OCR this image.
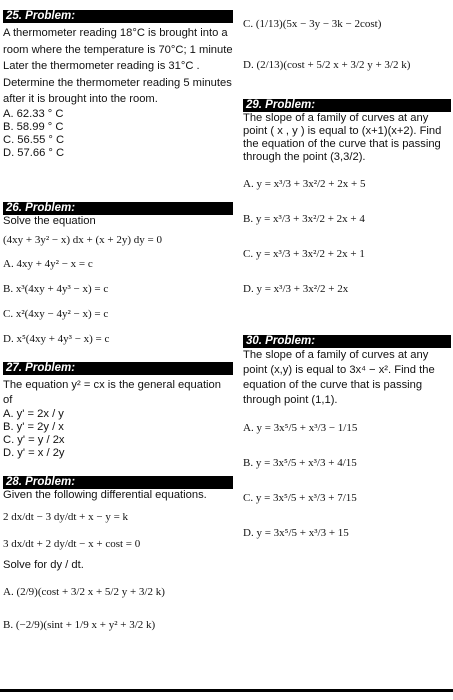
25. Problem:
A thermometer reading 18°C is brought into a room where the temperature is 70°C; 1 minute Later the thermometer reading is 31°C . Determine the thermometer reading 5 minutes after it is brought into the room.
A. 62.33 ° C
B. 58.99 ° C
C. 56.55 ° C
D. 57.66 ° C
26. Problem:
Solve the equation
(4xy + 3y² − x) dx + (x + 2y) dy = 0
A. 4xy + 4y² − x = c
B. x³(4xy + 4y³ − x) = c
C. x²(4xy − 4y² − x) = c
D. x⁵(4xy + 4y³ − x) = c
27. Problem:
The equation y² = cx is the general equation of
A. y' = 2x / y
B. y' = 2y / x
C. y' = y / 2x
D. y' = x / 2y
28. Problem:
Given the following differential equations.
2 dx/dt − 3 dy/dt + x − y = k
3 dx/dt + 2 dy/dt − x + cost = 0
Solve for dy / dt.
A. (2/9)(cost + 3/2 x + 5/2 y + 3/2 k)
B. (−2/9)(sint + 1/9 x + y² + 3/2 k)
C. (1/13)(5x − 3y − 3k − 2cost)
D. (2/13)(cost + 5/2 x + 3/2 y + 3/2 k)
29. Problem:
The slope of a family of curves at any point ( x , y ) is equal to (x+1)(x+2). Find the equation of the curve that is passing through the point (3,3/2).
A. y = x³/3 + 3x²/2 + 2x + 5
B. y = x³/3 + 3x²/2 + 2x + 4
C. y = x³/3 + 3x²/2 + 2x + 1
D. y = x³/3 + 3x²/2 + 2x
30. Problem:
The slope of a family of curves at any point (x,y) is equal to 3x⁴ − x². Find the equation of the curve that is passing through point (1,1).
A. y = 3x⁵/5 + x³/3 − 1/15
B. y = 3x⁵/5 + x³/3 + 4/15
C. y = 3x⁵/5 + x³/3 + 7/15
D. y = 3x⁵/5 + x³/3 + 15
